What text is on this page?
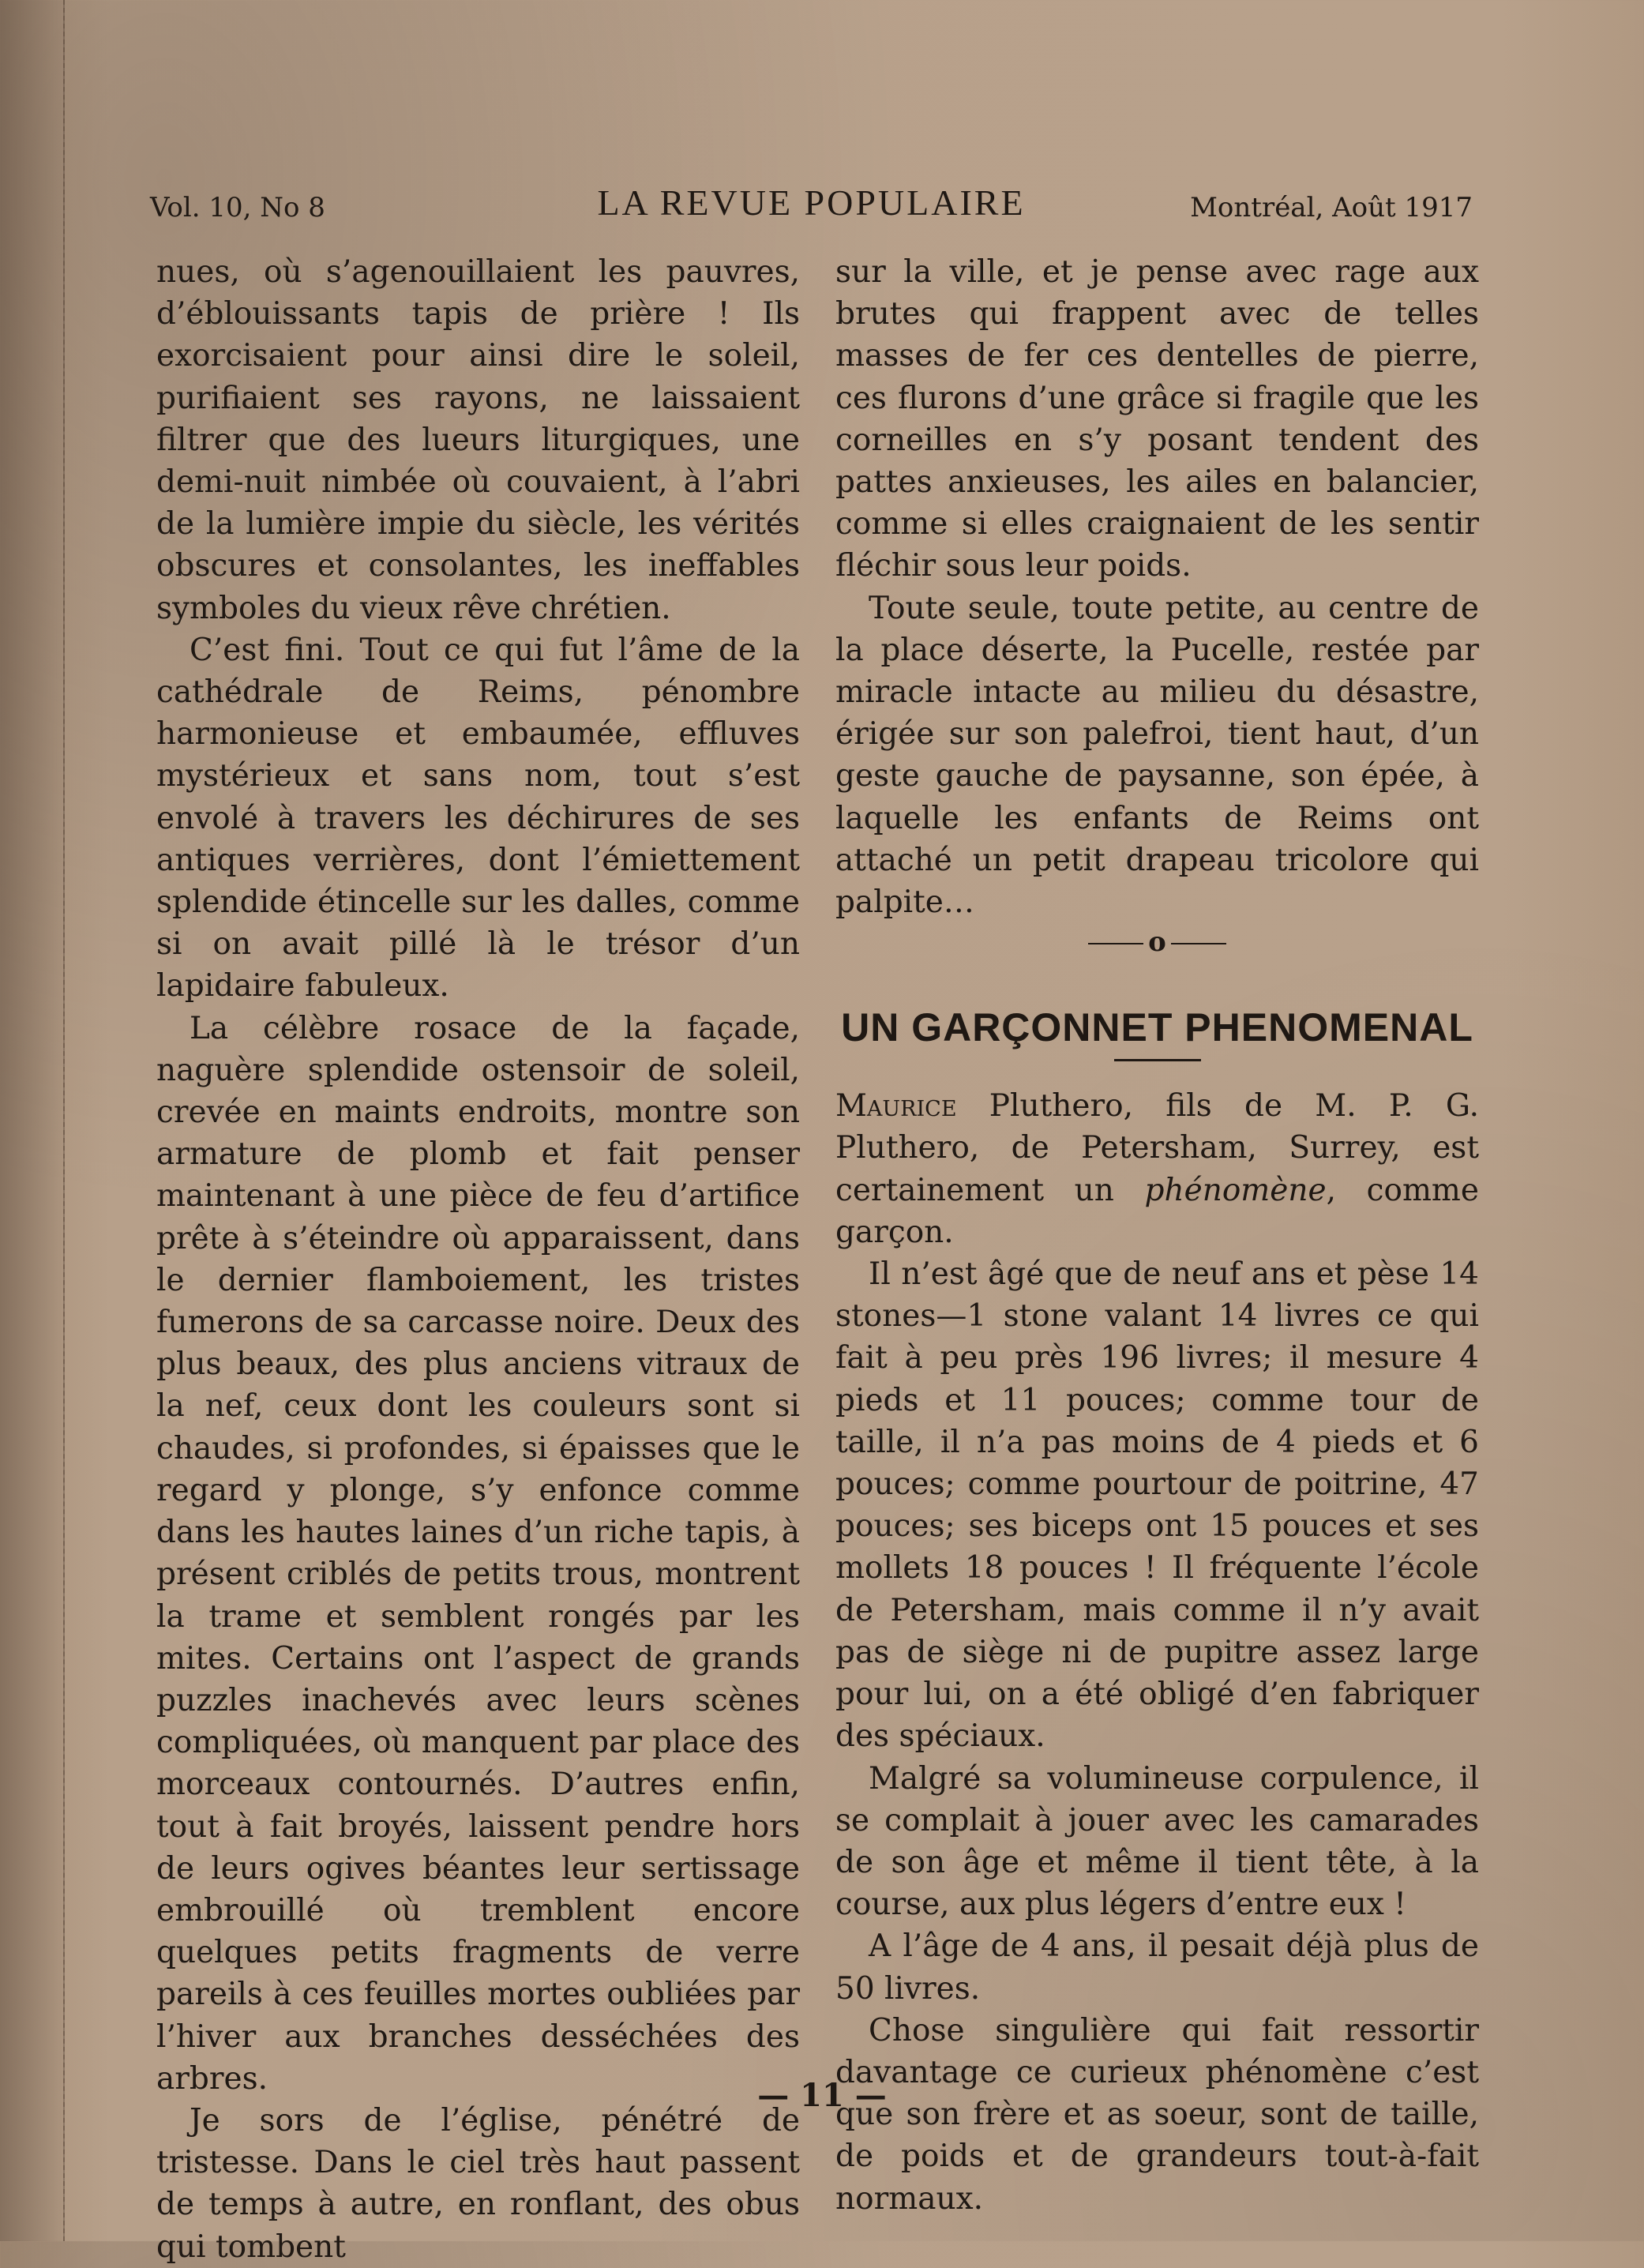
Vol. 10, No 8	LA REVUE POPULAIRE	Montréal, Août 1917

nues, où s’agenouillaient les pauvres, d’éblouissants tapis de prière ! Ils exorcisaient pour ainsi dire le soleil, purifiaient ses rayons, ne laissaient filtrer que des lueurs liturgiques, une demi-nuit nimbée où couvaient, à l’abri de la lumière impie du siècle, les vérités obscures et consolantes, les ineffables symboles du vieux rêve chrétien.

C’est fini. Tout ce qui fut l’âme de la cathédrale de Reims, pénombre harmonieuse et embaumée, effluves mystérieux et sans nom, tout s’est envolé à travers les déchirures de ses antiques verrières, dont l’émiettement splendide étincelle sur les dalles, comme si on avait pillé là le trésor d’un lapidaire fabuleux.

La célèbre rosace de la façade, naguère splendide ostensoir de soleil, crevée en maints endroits, montre son armature de plomb et fait penser maintenant à une pièce de feu d’artifice prête à s’éteindre où apparaissent, dans le dernier flamboiement, les tristes fumerons de sa carcasse noire. Deux des plus beaux, des plus anciens vitraux de la nef, ceux dont les couleurs sont si chaudes, si profondes, si épaisses que le regard y plonge, s’y enfonce comme dans les hautes laines d’un riche tapis, à présent criblés de petits trous, montrent la trame et semblent rongés par les mites. Certains ont l’aspect de grands puzzles inachevés avec leurs scènes compliquées, où manquent par place des morceaux contournés. D’autres enfin, tout à fait broyés, laissent pendre hors de leurs ogives béantes leur sertissage embrouillé où tremblent encore quelques petits fragments de verre pareils à ces feuilles mortes oubliées par l’hiver aux branches desséchées des arbres.

Je sors de l’église, pénétré de tristesse. Dans le ciel très haut passent de temps à autre, en ronflant, des obus qui tombent

sur la ville, et je pense avec rage aux brutes qui frappent avec de telles masses de fer ces dentelles de pierre, ces flurons d’une grâce si fragile que les corneilles en s’y posant tendent des pattes anxieuses, les ailes en balancier, comme si elles craignaient de les sentir fléchir sous leur poids.

Toute seule, toute petite, au centre de la place déserte, la Pucelle, restée par miracle intacte au milieu du désastre, érigée sur son palefroi, tient haut, d’un geste gauche de paysanne, son épée, à laquelle les enfants de Reims ont attaché un petit drapeau tricolore qui palpite…

o
UN GARÇONNET PHENOMENAL

Maurice Pluthero, fils de M. P. G. Pluthero, de Petersham, Surrey, est certainement un phénomène, comme garçon.

Il n’est âgé que de neuf ans et pèse 14 stones—1 stone valant 14 livres ce qui fait à peu près 196 livres; il mesure 4 pieds et 11 pouces; comme tour de taille, il n’a pas moins de 4 pieds et 6 pouces; comme pourtour de poitrine, 47 pouces; ses biceps ont 15 pouces et ses mollets 18 pouces ! Il fréquente l’école de Petersham, mais comme il n’y avait pas de siège ni de pupitre assez large pour lui, on a été obligé d’en fabriquer des spéciaux.

Malgré sa volumineuse corpulence, il se complait à jouer avec les camarades de son âge et même il tient tête, à la course, aux plus légers d’entre eux !

A l’âge de 4 ans, il pesait déjà plus de 50 livres.

Chose singulière qui fait ressortir davantage ce curieux phénomène c’est que son frère et as soeur, sont de taille, de poids et de grandeurs tout-à-fait normaux.

— 11 —
